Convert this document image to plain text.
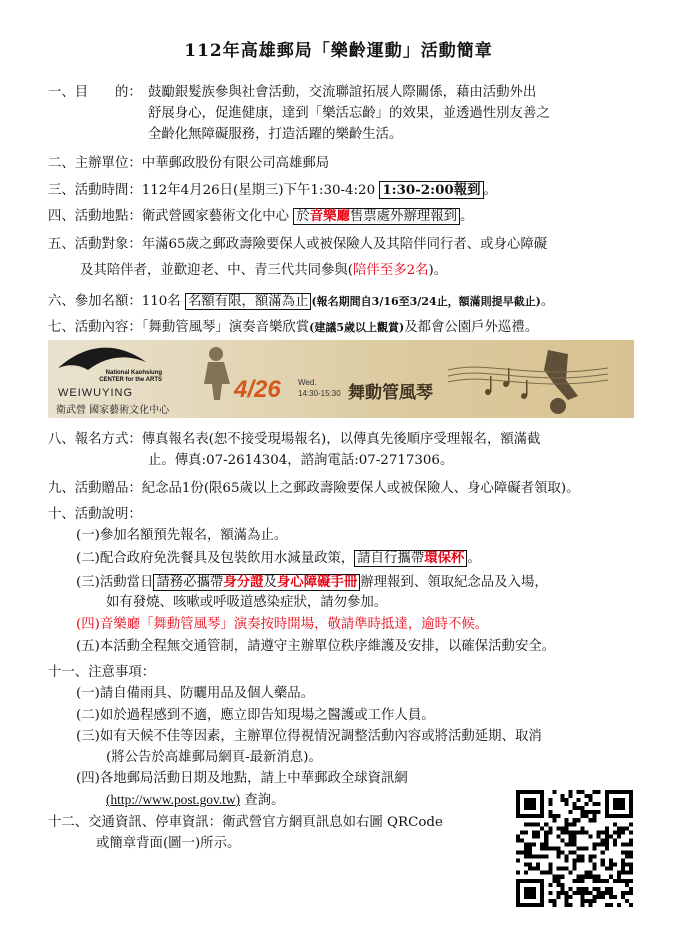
112年高雄郵局「樂齡運動」活動簡章
一、目　　的： 鼓勵銀髮族參與社會活動，交流聯誼拓展人際關係，藉由活動外出
舒展身心，促進健康，達到「樂活忘齡」的效果，並透過性別友善之
全齡化無障礙服務，打造活躍的樂齡生活。
二、主辦單位：中華郵政股份有限公司高雄郵局
三、活動時間：112年4月26日(星期三)下午1:30-4:20 1:30-2:00報到 。
四、活動地點：衛武營國家藝術文化中心 於音樂廳售票處外辦理報到 。
五、活動對象：年滿65歲之郵政壽險要保人或被保險人及其陪伴同行者、或身心障礙
及其陪伴者，並歡迎老、中、青三代共同參與(陪伴至多2名)。
六、參加名額：110名 名額有限，額滿為止 (報名期間自3/16至3/24止，額滿則提早截止)。
七、活動內容：「舞動管風琴」演奏音樂欣賞(建議5歲以上觀賞)及都會公園戶外巡禮。
National Kaohsiung
CENTER for the ARTS
WEIWUYING
衛武營 國家藝術文化中心
4/26 Wed.
14:30-15:30 舞動管風琴
八、報名方式：傳真報名表(恕不接受現場報名)，以傳真先後順序受理報名，額滿截
止。傳真:07-2614304，諮詢電話:07-2717306。
九、活動贈品：紀念品1份(限65歲以上之郵政壽險要保人或被保險人、身心障礙者領取)。
十、活動說明：
(一)參加名額預先報名，額滿為止。
(二)配合政府免洗餐具及包裝飲用水減量政策， 請自行攜帶環保杯 。
(三)活動當日 請務必攜帶身分證及身心障礙手冊 辦理報到、領取紀念品及入場，
如有發燒、咳嗽或呼吸道感染症狀，請勿參加。
(四)音樂廳「舞動管風琴」演奏按時開場，敬請準時抵達，逾時不候。
(五)本活動全程無交通管制，請遵守主辦單位秩序維護及安排，以確保活動安全。
十一、注意事項：
(一)請自備雨具、防曬用品及個人藥品。
(二)如於過程感到不適，應立即告知現場之醫護或工作人員。
(三)如有天候不佳等因素，主辦單位得視情況調整活動內容或將活動延期、取消
(將公告於高雄郵局網頁-最新消息)。
(四)各地郵局活動日期及地點，請上中華郵政全球資訊網
(http://www.post.gov.tw) 查詢。
十二、交通資訊、停車資訊：衛武營官方網頁訊息如右圖 QRCode
或簡章背面(圖一)所示。
